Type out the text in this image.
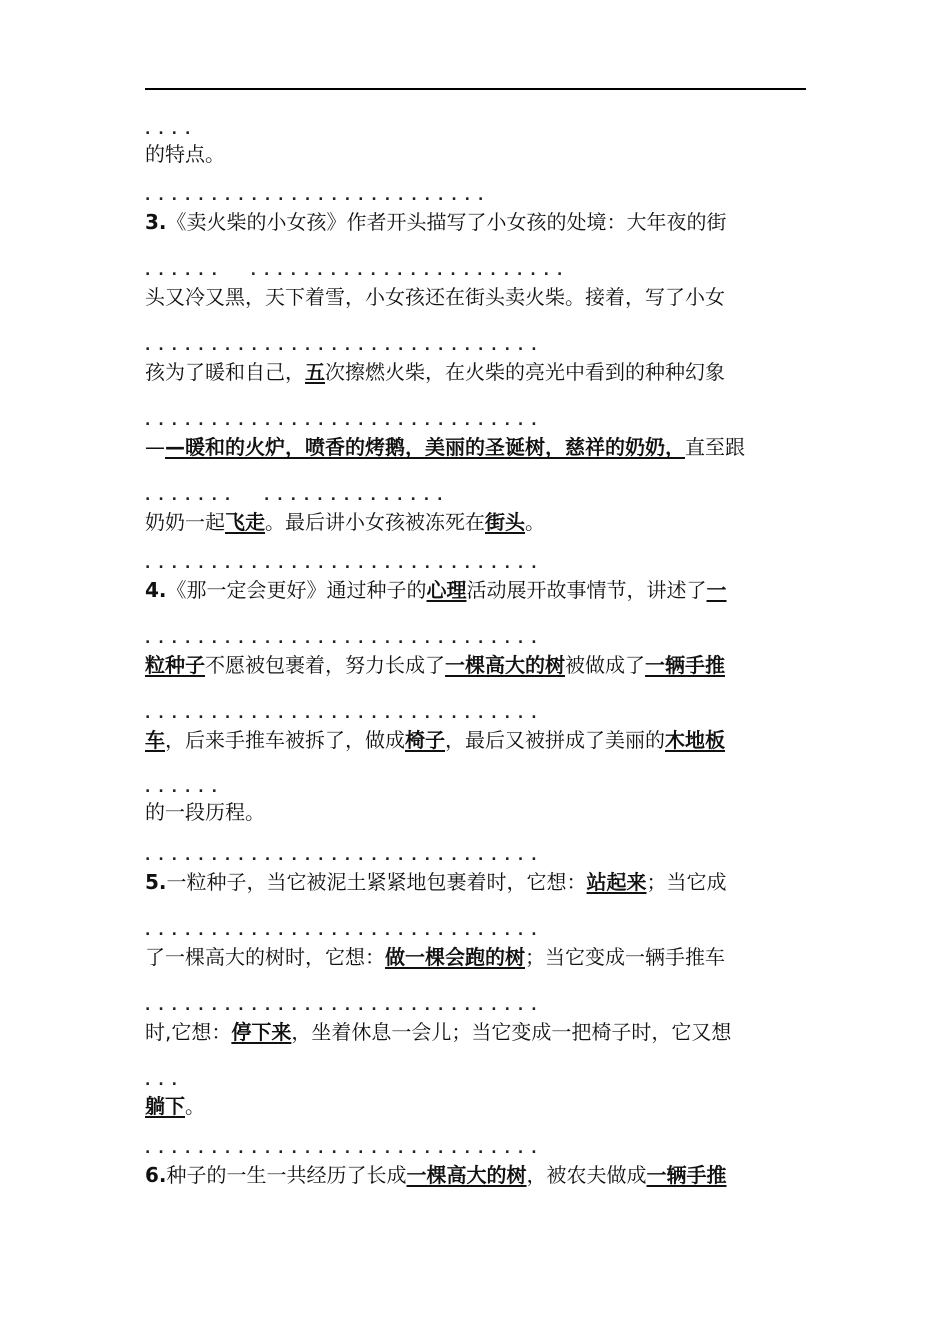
....
的特点。
..........................
3.《卖火柴的小女孩》作者开头描写了小女孩的处境：大年夜的街
......  ........................
头又冷又黑，天下着雪，小女孩还在街头卖火柴。接着，写了小女
..............................
孩为了暖和自己，五次擦燃火柴，在火柴的亮光中看到的种种幻象
..............................
——暖和的火炉，喷香的烤鹅，美丽的圣诞树，慈祥的奶奶，直至跟
.......  ..............
奶奶一起飞走。最后讲小女孩被冻死在街头。
..............................
4.《那一定会更好》通过种子的心理活动展开故事情节，讲述了一
..............................
粒种子不愿被包裹着，努力长成了一棵高大的树被做成了一辆手推
..............................
车，后来手推车被拆了，做成椅子，最后又被拼成了美丽的木地板
......
的一段历程。
..............................
5.一粒种子，当它被泥土紧紧地包裹着时，它想：站起来；当它成
..............................
了一棵高大的树时，它想：做一棵会跑的树；当它变成一辆手推车
..............................
时,它想：停下来，坐着休息一会儿；当它变成一把椅子时，它又想
...
躺下。
..............................
6.种子的一生一共经历了长成一棵高大的树，被农夫做成一辆手推
